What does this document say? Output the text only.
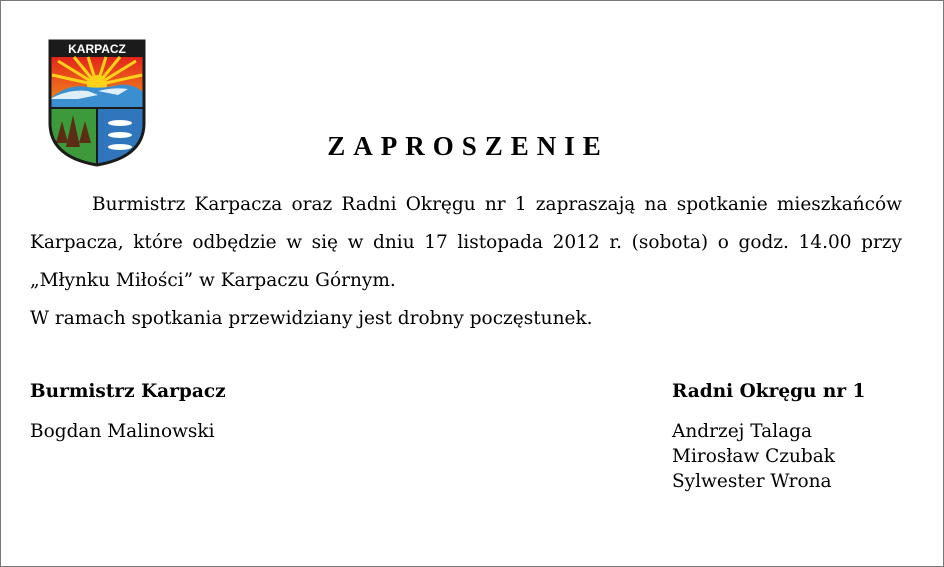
KARPACZ
ZAPROSZENIE

Burmistrz Karpacza oraz Radni Okręgu nr 1 zapraszają na spotkanie mieszkańców Karpacza, które odbędzie w się w dniu 17 listopada 2012 r. (sobota) o godz. 14.00 przy „Młynku Miłości” w Karpaczu Górnym.

W ramach spotkania przewidziany jest drobny poczęstunek.

Burmistrz Karpacz

Bogdan Malinowski

Radni Okręgu nr 1

Andrzej Talaga

Mirosław Czubak

Sylwester Wrona
